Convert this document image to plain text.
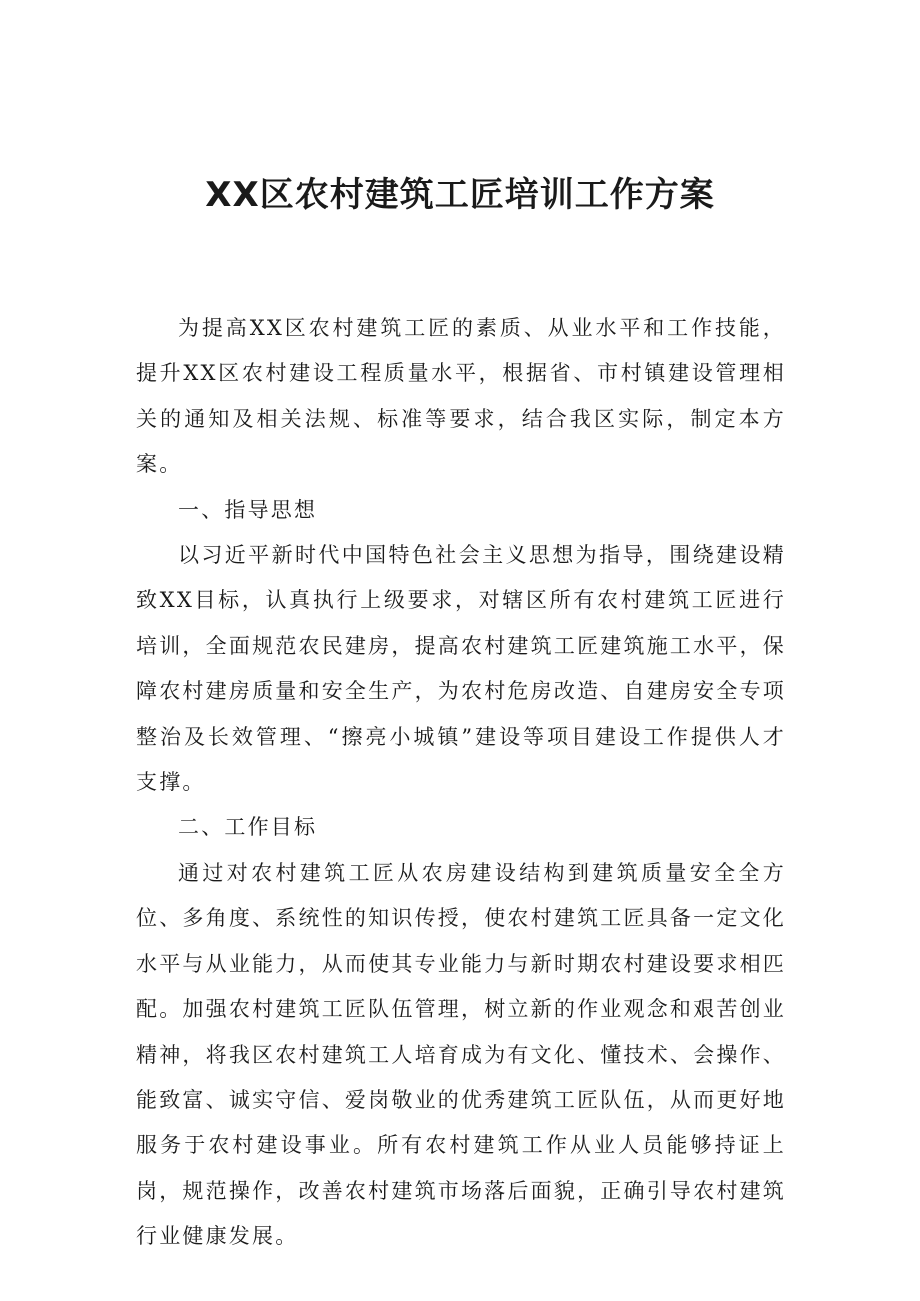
XX区农村建筑工匠培训工作方案

为提高XX区农村建筑工匠的素质、从业水平和工作技能，提升XX区农村建设工程质量水平，根据省、市村镇建设管理相关的通知及相关法规、标准等要求，结合我区实际，制定本方案。

一、指导思想

以习近平新时代中国特色社会主义思想为指导，围绕建设精致XX目标，认真执行上级要求，对辖区所有农村建筑工匠进行培训，全面规范农民建房，提高农村建筑工匠建筑施工水平，保障农村建房质量和安全生产，为农村危房改造、自建房安全专项整治及长效管理、“擦亮小城镇”建设等项目建设工作提供人才支撑。

二、工作目标

通过对农村建筑工匠从农房建设结构到建筑质量安全全方位、多角度、系统性的知识传授，使农村建筑工匠具备一定文化水平与从业能力，从而使其专业能力与新时期农村建设要求相匹配。加强农村建筑工匠队伍管理，树立新的作业观念和艰苦创业精神，将我区农村建筑工人培育成为有文化、懂技术、会操作、能致富、诚实守信、爱岗敬业的优秀建筑工匠队伍，从而更好地服务于农村建设事业。所有农村建筑工作从业人员能够持证上岗，规范操作，改善农村建筑市场落后面貌，正确引导农村建筑行业健康发展。
